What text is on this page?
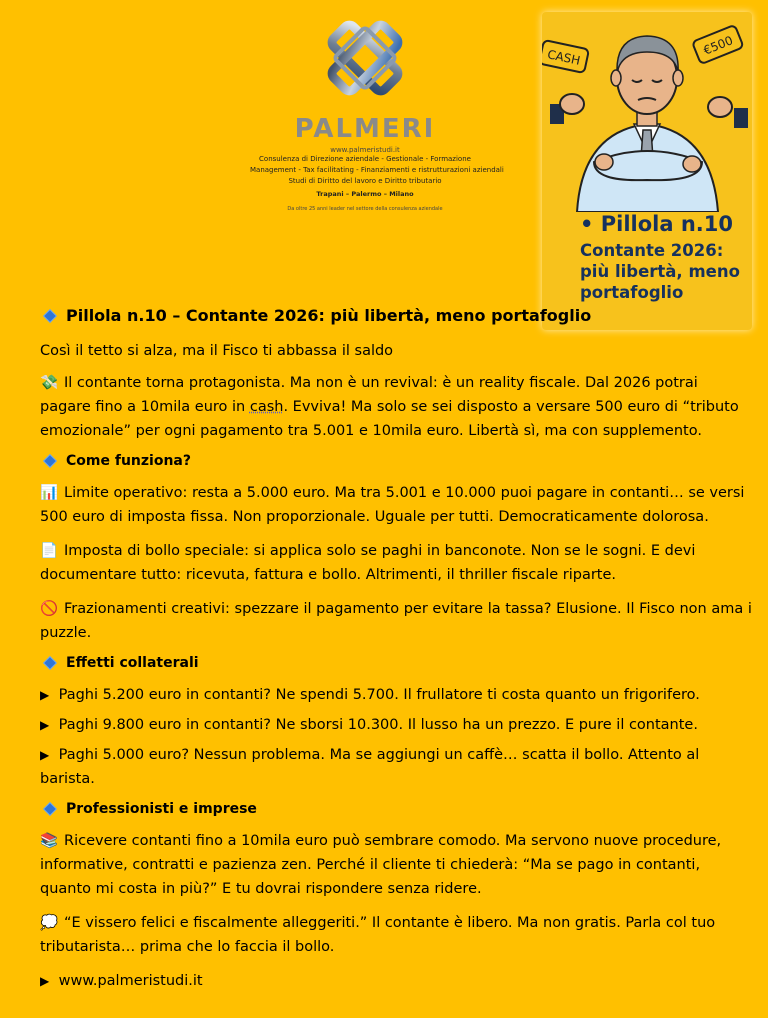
PALMERI
www.palmeristudi.it
Consulenza di Direzione aziendale - Gestionale - Formazione
Management - Tax facilitating - Finanziamenti e ristrutturazioni aziendali
Studi di Diritto del lavoro e Diritto tributario
Trapani – Palermo – Milano
Da oltre 25 anni leader nel settore della consulenza aziendale
CASH	€500
• Pillola n.10
Contante 2026: più libertà, meno portafoglio
Pillola n.10 – Contante 2026: più libertà, meno portafoglio

Così il tetto si alza, ma il Fisco ti abbassa il saldo

💸 Il contante torna protagonista. Ma non è un revival: è un reality fiscale. Dal 2026 potrai pagare fino a 10mila euro in cash. Evviva! Ma solo se sei disposto a versare 500 euro di “tributo emozionale” per ogni pagamento tra 5.001 e 10mila euro. Libertà sì, ma con supplemento.

Come funziona?

📊 Limite operativo: resta a 5.000 euro. Ma tra 5.001 e 10.000 puoi pagare in contanti… se versi 500 euro di imposta fissa. Non proporzionale. Uguale per tutti. Democraticamente dolorosa.

📄 Imposta di bollo speciale: si applica solo se paghi in banconote. Non se le sogni. E devi documentare tutto: ricevuta, fattura e bollo. Altrimenti, il thriller fiscale riparte.

🚫 Frazionamenti creativi: spezzare il pagamento per evitare la tassa? Elusione. Il Fisco non ama i puzzle.

Effetti collaterali

▶ Paghi 5.200 euro in contanti? Ne spendi 5.700. Il frullatore ti costa quanto un frigorifero.

▶ Paghi 9.800 euro in contanti? Ne sborsi 10.300. Il lusso ha un prezzo. E pure il contante.

▶ Paghi 5.000 euro? Nessun problema. Ma se aggiungi un caffè… scatta il bollo. Attento al barista.

Professionisti e imprese

📚 Ricevere contanti fino a 10mila euro può sembrare comodo. Ma servono nuove procedure, informative, contratti e pazienza zen. Perché il cliente ti chiederà: “Ma se pago in contanti, quanto mi costa in più?” E tu dovrai rispondere senza ridere.

💭 “E vissero felici e fiscalmente alleggeriti.” Il contante è libero. Ma non gratis. Parla col tuo tributarista… prima che lo faccia il bollo.

▶ www.palmeristudi.it
